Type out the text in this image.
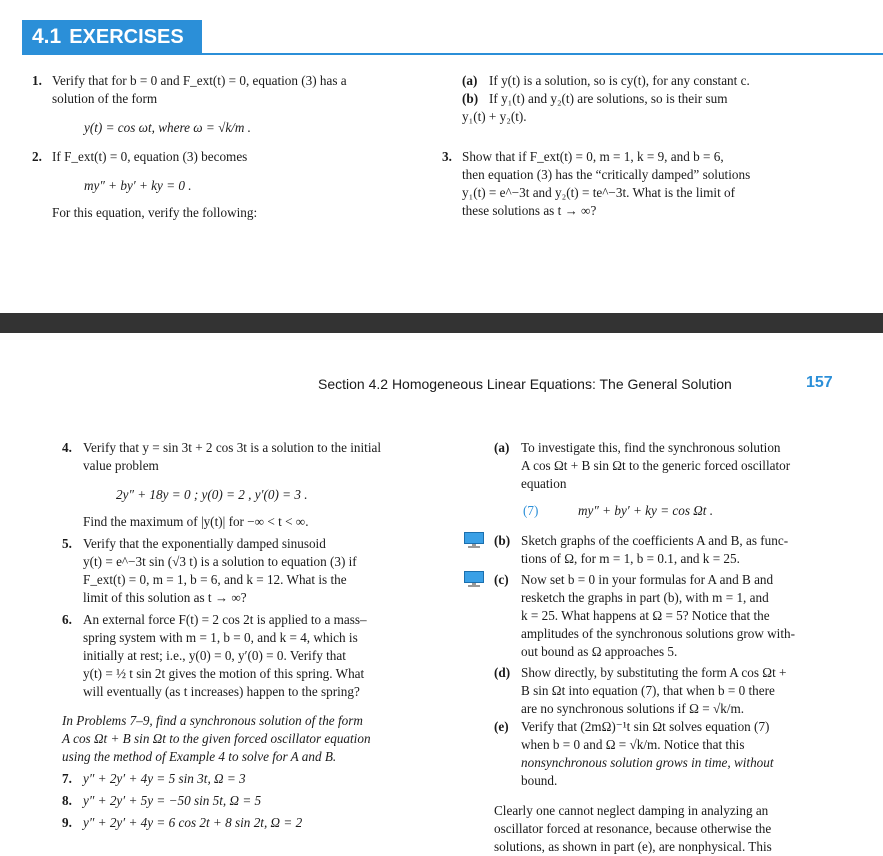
4.1 EXERCISES
1. Verify that for b = 0 and F_ext(t) = 0, equation (3) has a
solution of the form
y(t) = cos ωt, where ω = √k/m .
2. If F_ext(t) = 0, equation (3) becomes
my″ + by′ + ky = 0 .
For this equation, verify the following:
(a) If y(t) is a solution, so is cy(t), for any constant c.
(b) If y₁(t) and y₂(t) are solutions, so is their sum
y₁(t) + y₂(t).
3. Show that if F_ext(t) = 0, m = 1, k = 9, and b = 6,
then equation (3) has the “critically damped” solutions
y₁(t) = e^−3t and y₂(t) = te^−3t. What is the limit of
these solutions as t → ∞?
Section 4.2 Homogeneous Linear Equations: The General Solution	157
4. Verify that y = sin 3t + 2 cos 3t is a solution to the initial
value problem
2y″ + 18y = 0 ; y(0) = 2 , y′(0) = 3 .
Find the maximum of |y(t)| for −∞ < t < ∞.
5. Verify that the exponentially damped sinusoid
y(t) = e^−3t sin (√3 t) is a solution to equation (3) if
F_ext(t) = 0, m = 1, b = 6, and k = 12. What is the
limit of this solution as t → ∞?
6. An external force F(t) = 2 cos 2t is applied to a mass–
spring system with m = 1, b = 0, and k = 4, which is
initially at rest; i.e., y(0) = 0, y′(0) = 0. Verify that
y(t) = ½ t sin 2t gives the motion of this spring. What
will eventually (as t increases) happen to the spring?
In Problems 7–9, find a synchronous solution of the form
A cos Ωt + B sin Ωt to the given forced oscillator equation
using the method of Example 4 to solve for A and B.
7. y″ + 2y′ + 4y = 5 sin 3t, Ω = 3
8. y″ + 2y′ + 5y = −50 sin 5t, Ω = 5
9. y″ + 2y′ + 4y = 6 cos 2t + 8 sin 2t, Ω = 2
(a) To investigate this, find the synchronous solution
A cos Ωt + B sin Ωt to the generic forced oscillator
equation
(7)	my″ + by′ + ky = cos Ωt .
(b) Sketch graphs of the coefficients A and B, as func-
tions of Ω, for m = 1, b = 0.1, and k = 25.
(c) Now set b = 0 in your formulas for A and B and
resketch the graphs in part (b), with m = 1, and
k = 25. What happens at Ω = 5? Notice that the
amplitudes of the synchronous solutions grow with-
out bound as Ω approaches 5.
(d) Show directly, by substituting the form A cos Ωt +
B sin Ωt into equation (7), that when b = 0 there
are no synchronous solutions if Ω = √k/m.
(e) Verify that (2mΩ)⁻¹t sin Ωt solves equation (7)
when b = 0 and Ω = √k/m. Notice that this
nonsynchronous solution grows in time, without
bound.
Clearly one cannot neglect damping in analyzing an
oscillator forced at resonance, because otherwise the
solutions, as shown in part (e), are nonphysical. This
